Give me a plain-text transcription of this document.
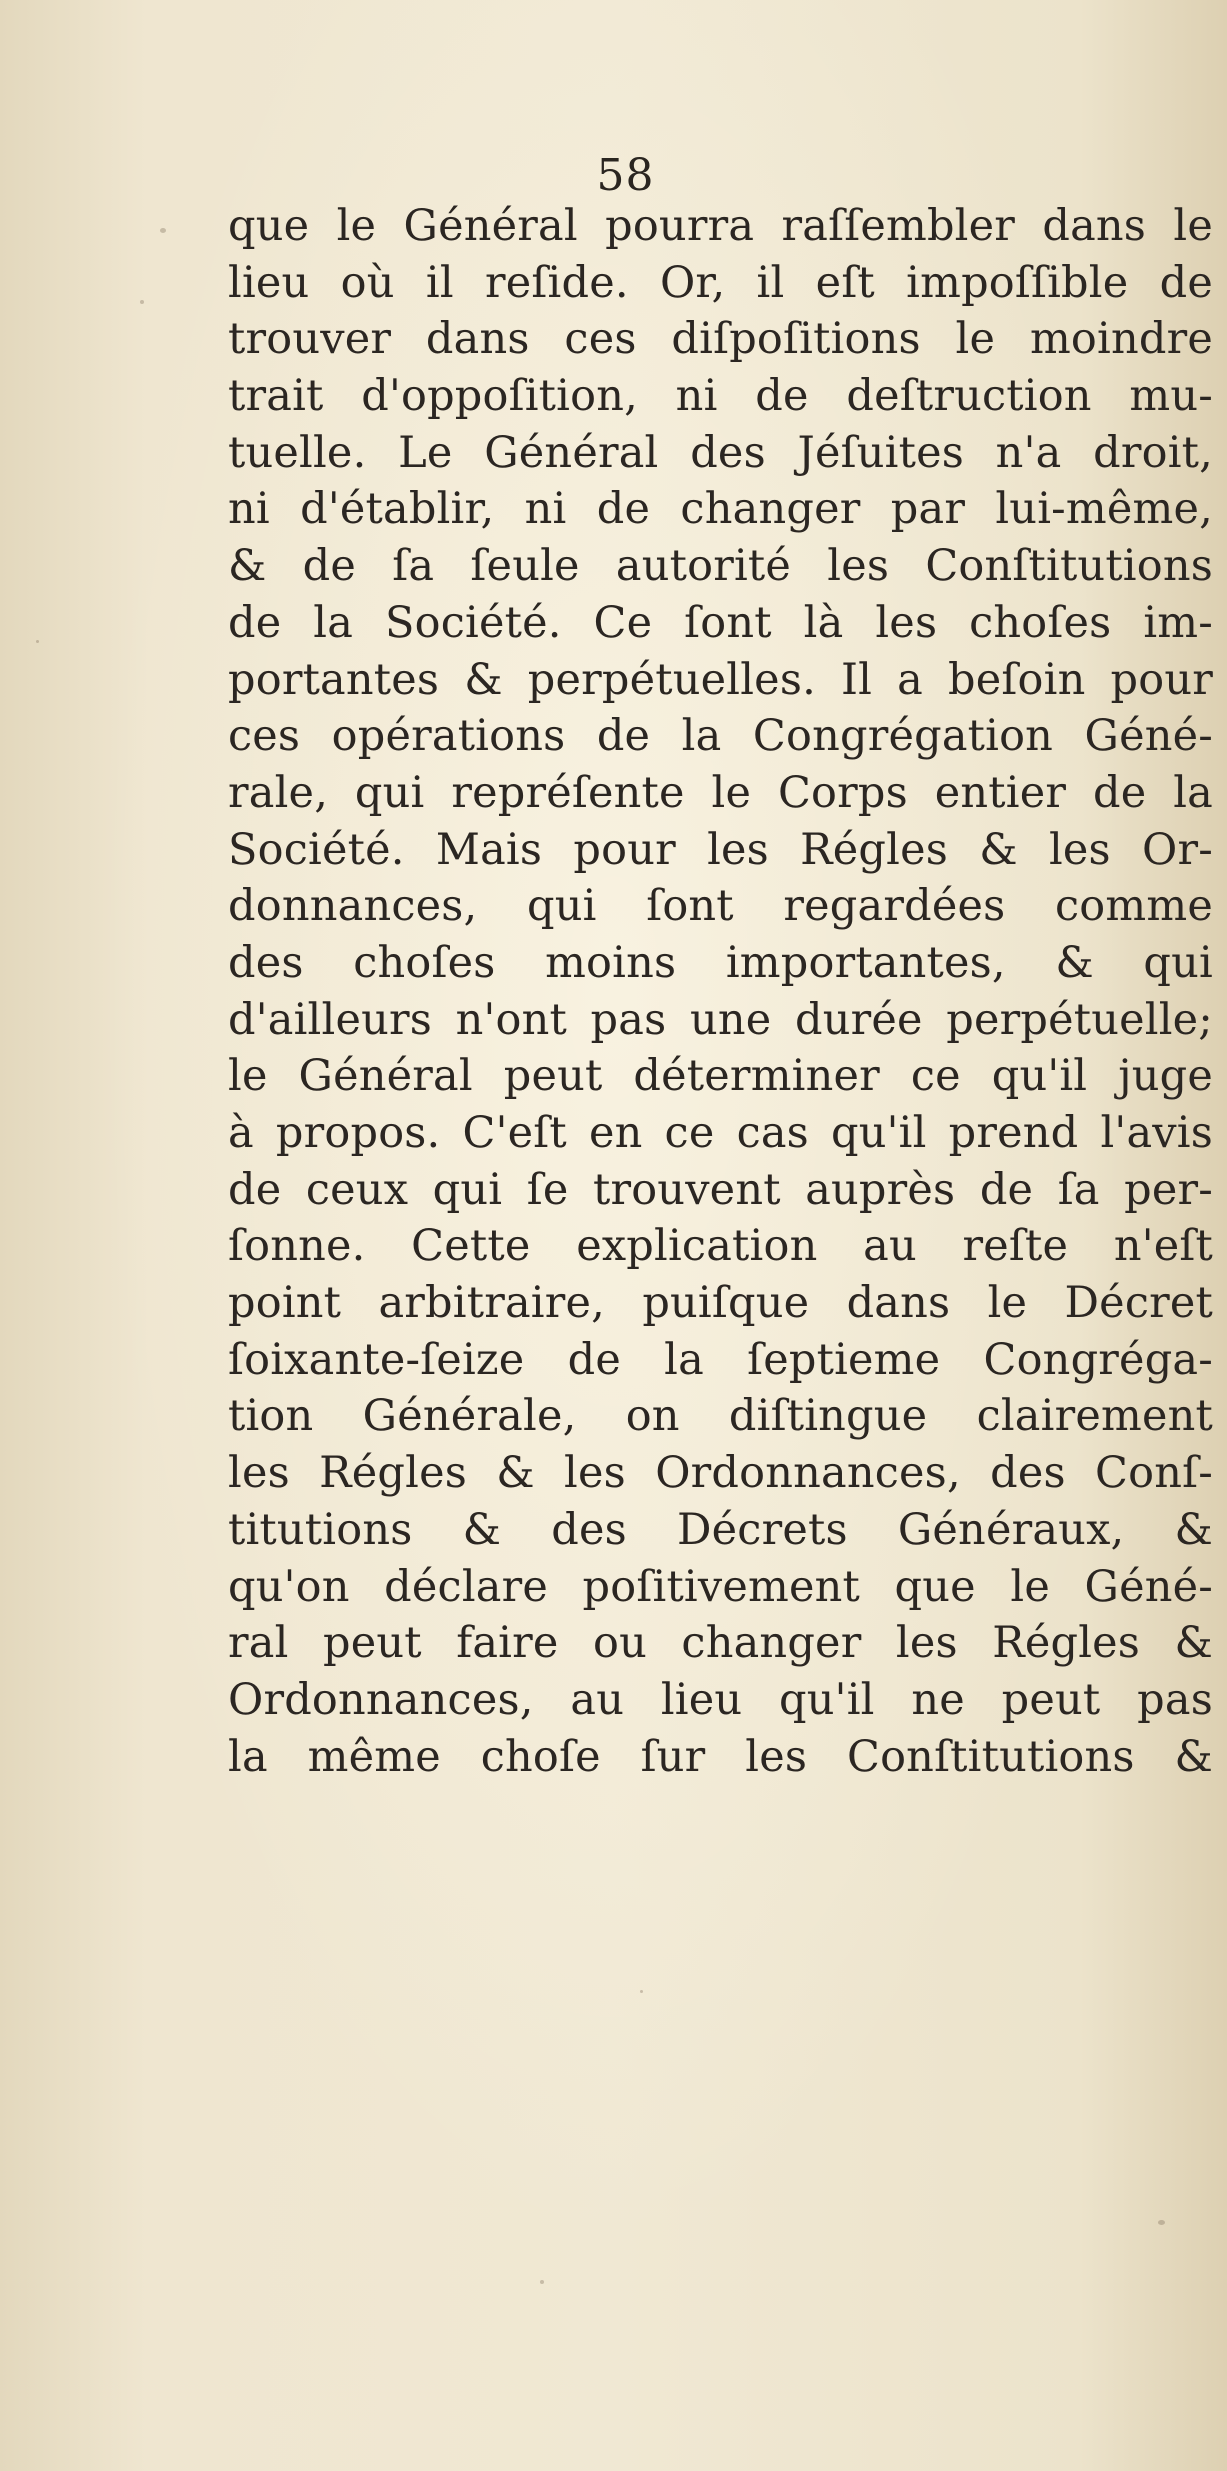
58
que le Général pourra raſſembler dans le
lieu où il reſide. Or, il eſt impoſſible de
trouver dans ces diſpoſitions le moindre
trait d'oppoſition, ni de deſtruction mu-
tuelle. Le Général des Jéſuites n'a droit,
ni d'établir, ni de changer par lui-même,
& de ſa ſeule autorité les Conſtitutions
de la Société. Ce ſont là les choſes im-
portantes & perpétuelles. Il a beſoin pour
ces opérations de la Congrégation Géné-
rale, qui repréſente le Corps entier de la
Société. Mais pour les Régles & les Or-
donnances, qui ſont regardées comme
des choſes moins importantes, & qui
d'ailleurs n'ont pas une durée perpétuelle;
le Général peut déterminer ce qu'il juge
à propos. C'eſt en ce cas qu'il prend l'avis
de ceux qui ſe trouvent auprès de ſa per-
ſonne. Cette explication au reſte n'eſt
point arbitraire, puiſque dans le Décret
ſoixante-ſeize de la ſeptieme Congréga-
tion Générale, on diſtingue clairement
les Régles & les Ordonnances, des Conſ-
titutions & des Décrets Généraux, &
qu'on déclare poſitivement que le Géné-
ral peut faire ou changer les Régles &
Ordonnances, au lieu qu'il ne peut pas
la même choſe ſur les Conſtitutions &
